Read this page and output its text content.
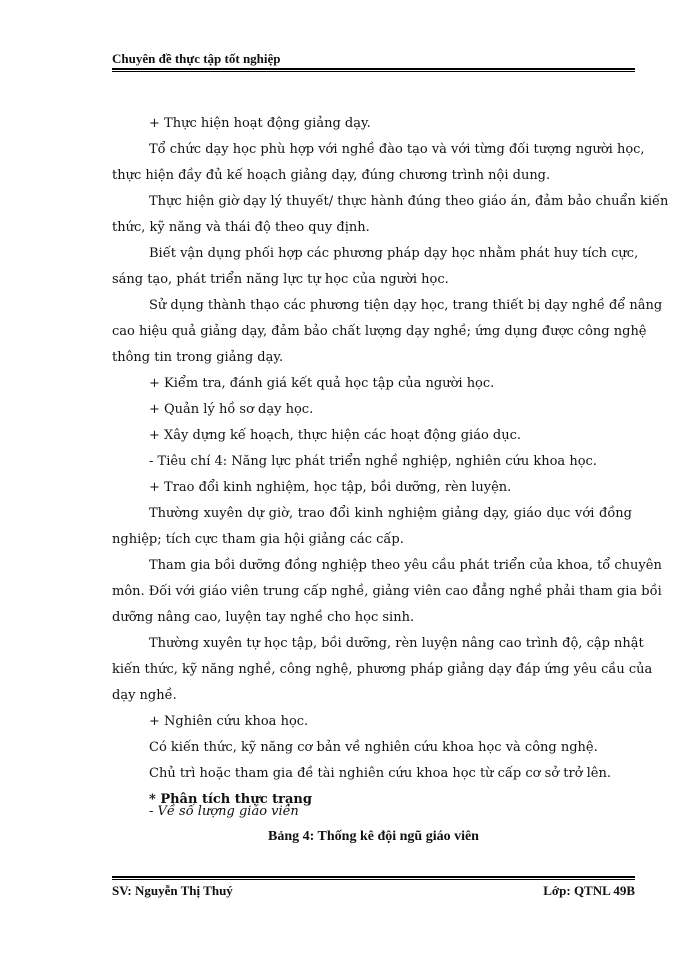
Chuyên đề thực tập tốt nghiệp
+ Thực hiện hoạt động giảng dạy.
Tổ chức dạy học phù hợp với nghề đào tạo và với từng đối tượng người học,
thực hiện đầy đủ kế hoạch giảng dạy, đúng chương trình nội dung.
Thực hiện giờ dạy lý thuyết/ thực hành đúng theo giáo án, đảm bảo chuẩn kiến
thức, kỹ năng và thái độ theo quy định.
Biết vận dụng phối hợp các phương pháp dạy học nhằm phát huy tích cực,
sáng tạo, phát triển năng lực tự học của người học.
Sử dụng thành thạo các phương tiện dạy học, trang thiết bị dạy nghề để nâng
cao hiệu quả giảng dạy, đảm bảo chất lượng dạy nghề; ứng dụng được công nghệ
thông tin trong giảng dạy.
+ Kiểm tra, đánh giá kết quả học tập của người học.
+ Quản lý hồ sơ dạy học.
+ Xây dựng kế hoạch, thực hiện các hoạt động giáo dục.
- Tiêu chí 4: Năng lực phát triển nghề nghiệp, nghiên cứu khoa học.
+ Trao đổi kinh nghiệm, học tập, bồi dưỡng, rèn luyện.
Thường xuyên dự giờ, trao đổi kinh nghiệm giảng dạy, giáo dục với đồng
nghiệp; tích cực tham gia hội giảng các cấp.
Tham gia bồi dưỡng đồng nghiệp theo yêu cầu phát triển của khoa, tổ chuyên
môn. Đối với giáo viên trung cấp nghề, giảng viên cao đẳng nghề phải tham gia bồi
dưỡng nâng cao, luyện tay nghề cho học sinh.
Thường xuyên tự học tập, bồi dưỡng, rèn luyện nâng cao trình độ, cập nhật
kiến thức, kỹ năng nghề, công nghệ, phương pháp giảng dạy đáp ứng yêu cầu của
dạy nghề.
+ Nghiên cứu khoa học.
Có kiến thức, kỹ năng cơ bản về nghiên cứu khoa học và công nghệ.
Chủ trì hoặc tham gia đề tài nghiên cứu khoa học từ cấp cơ sở trở lên.
* Phân tích thực trạng
- Về số lượng giáo viên
Bảng 4: Thống kê đội ngũ giáo viên
SV: Nguyễn Thị Thuý	Lớp: QTNL 49B
